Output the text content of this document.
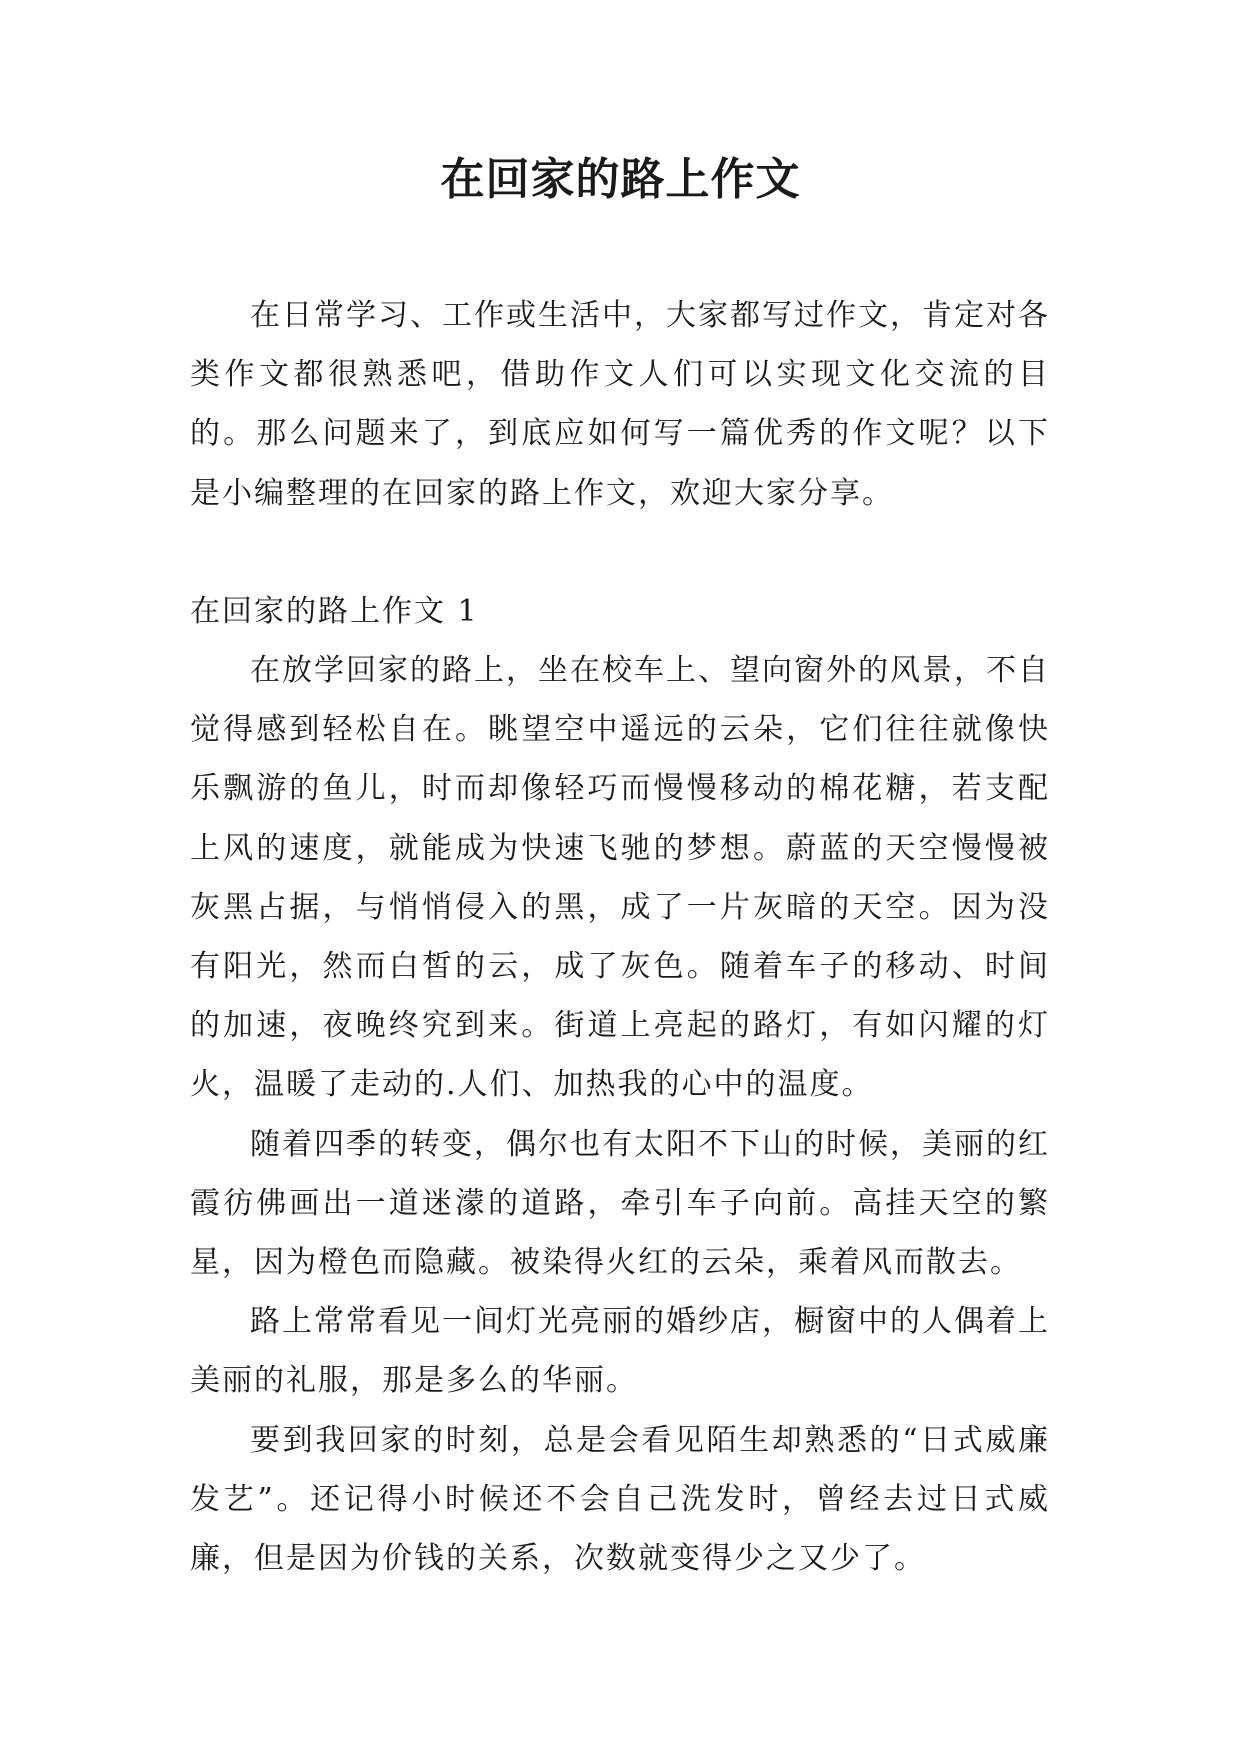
在回家的路上作文

在日常学习、工作或生活中，大家都写过作文，肯定对各类作文都很熟悉吧，借助作文人们可以实现文化交流的目的。那么问题来了，到底应如何写一篇优秀的作文呢？以下是小编整理的在回家的路上作文，欢迎大家分享。

在回家的路上作文 1

在放学回家的路上，坐在校车上、望向窗外的风景，不自觉得感到轻松自在。眺望空中遥远的云朵，它们往往就像快乐飘游的鱼儿，时而却像轻巧而慢慢移动的棉花糖，若支配上风的速度，就能成为快速飞驰的梦想。蔚蓝的天空慢慢被灰黑占据，与悄悄侵入的黑，成了一片灰暗的天空。因为没有阳光，然而白皙的云，成了灰色。随着车子的移动、时间的加速，夜晚终究到来。街道上亮起的路灯，有如闪耀的灯火，温暖了走动的.人们、加热我的心中的温度。

随着四季的转变，偶尔也有太阳不下山的时候，美丽的红霞彷佛画出一道迷濛的道路，牵引车子向前。高挂天空的繁星，因为橙色而隐藏。被染得火红的云朵，乘着风而散去。

路上常常看见一间灯光亮丽的婚纱店，橱窗中的人偶着上美丽的礼服，那是多么的华丽。

要到我回家的时刻，总是会看见陌生却熟悉的“日式威廉发艺”。还记得小时候还不会自己洗发时，曾经去过日式威廉，但是因为价钱的关系，次数就变得少之又少了。
